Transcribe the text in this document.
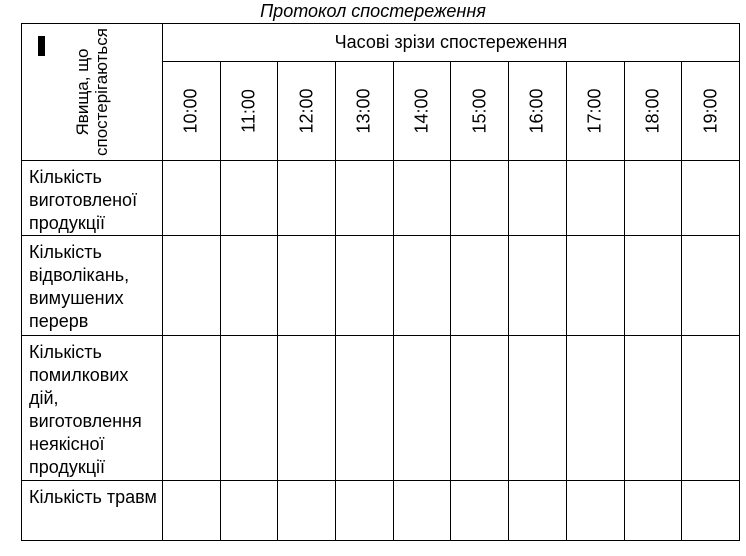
Протокол спостереження
Явища, що спостерігаються	Часові зрізи спостереження									

	10:00	11:00	12:00	13:00	14:00	15:00	16:00	17:00	18:00	19:00

Кількість виготовленої продукції										
Кількість відволікань, вимушених перерв										
Кількість помилкових дій, виготовлення неякісної продукції										
Кількість травм										
